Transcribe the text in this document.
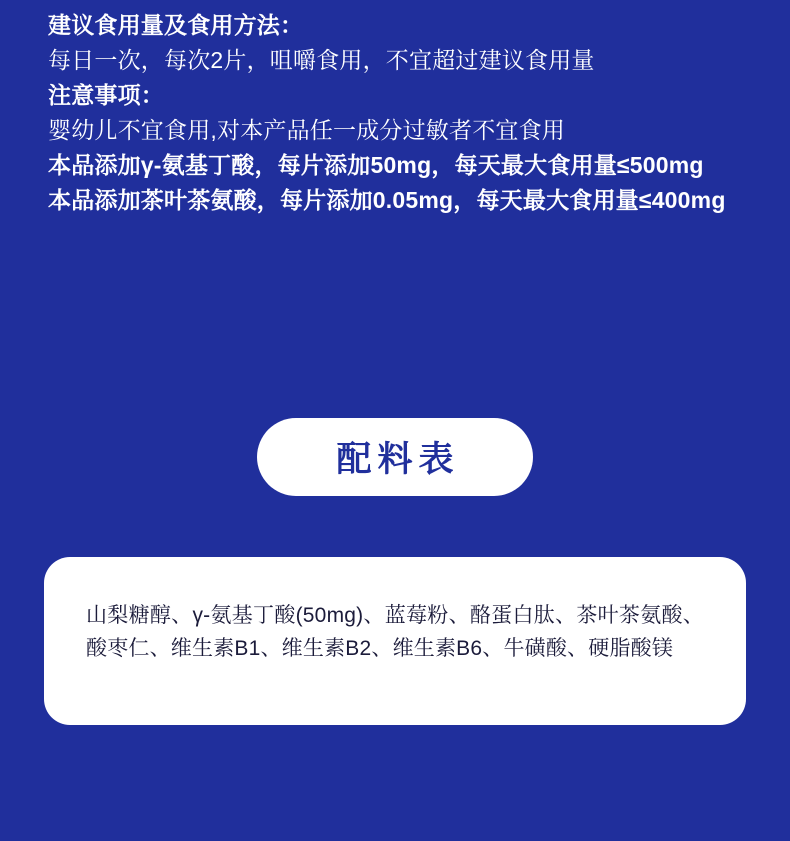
建议食用量及食用方法：
每日一次，每次2片，咀嚼食用，不宜超过建议食用量
注意事项：
婴幼儿不宜食用,对本产品任一成分过敏者不宜食用
本品添加γ-氨基丁酸，每片添加50mg，每天最大食用量≤500mg
本品添加茶叶茶氨酸，每片添加0.05mg，每天最大食用量≤400mg
配料表
山梨糖醇、γ-氨基丁酸(50mg)、蓝莓粉、酪蛋白肽、茶叶茶氨酸、酸枣仁、维生素B1、维生素B2、维生素B6、牛磺酸、硬脂酸镁
